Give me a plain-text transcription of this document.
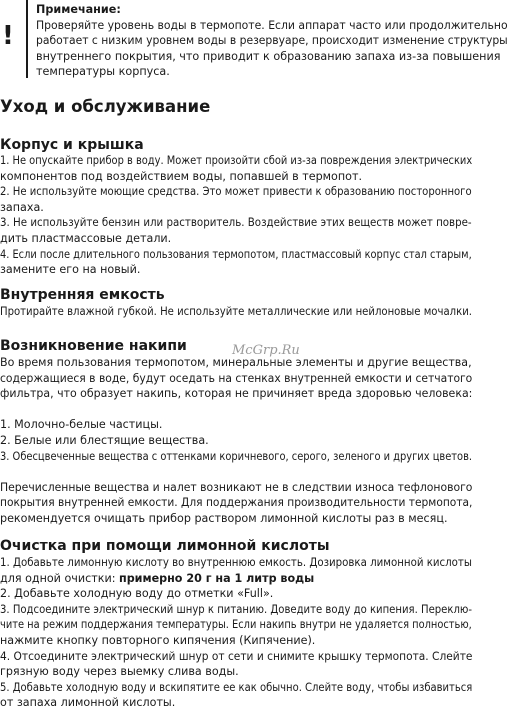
!
Примечание:
Проверяйте уровень воды в термопоте. Если аппарат часто или продолжительно
работает с низким уровнем воды в резервуаре, происходит изменение структуры
внутреннего покрытия, что приводит к образованию запаха из-за повышения
температуры корпуса.
Уход и обслуживание
Корпус и крышка
1. Не опускайте прибор в воду. Может произойти сбой из-за повреждения электрических
компонентов под воздействием воды, попавшей в термопот.
2. Не используйте моющие средства. Это может привести к образованию посторонного
запаха.
3. Не используйте бензин или растворитель. Воздействие этих веществ может повре-
дить пластмассовые детали.
4. Если после длительного пользования термопотом, пластмассовый корпус стал старым,
замените его на новый.
Внутренняя емкость
Протирайте влажной губкой. Не используйте металлические или нейлоновые мочалки.
Возникновение накипи	McGrp.Ru
Во время пользования термопотом, минеральные элементы и другие вещества,
содержащиеся в воде, будут оседать на стенках внутренней емкости и сетчатого
фильтра, что образует накипь, которая не причиняет вреда здоровью человека:

1. Молочно-белые частицы.
2. Белые или блестящие вещества.
3. Обесцвеченные вещества с оттенками коричневого, серого, зеленого и других цветов.

Перечисленные вещества и налет возникают не в следствии износа тефлонового
покрытия внутренней емкости. Для поддержания производительности термопота,
рекомендуется очищать прибор раствором лимонной кислоты раз в месяц.
Очистка при помощи лимонной кислоты
1. Добавьте лимонную кислоту во внутреннюю емкость. Дозировка лимонной кислоты
для одной очистки: примерно 20 г на 1 литр воды
2. Добавьте холодную воду до отметки «Full».
3. Подсоедините электрический шнур к питанию. Доведите воду до кипения. Переклю-
чите на режим поддержания температуры. Если накипь внутри не удаляется полностью,
нажмите кнопку повторного кипячения (Кипячение).
4. Отсоедините электрический шнур от сети и снимите крышку термопота. Слейте
грязную воду через выемку слива воды.
5. Добавьте холодную воду и вскипятите ее как обычно. Слейте воду, чтобы избавиться
от запаха лимонной кислоты.
